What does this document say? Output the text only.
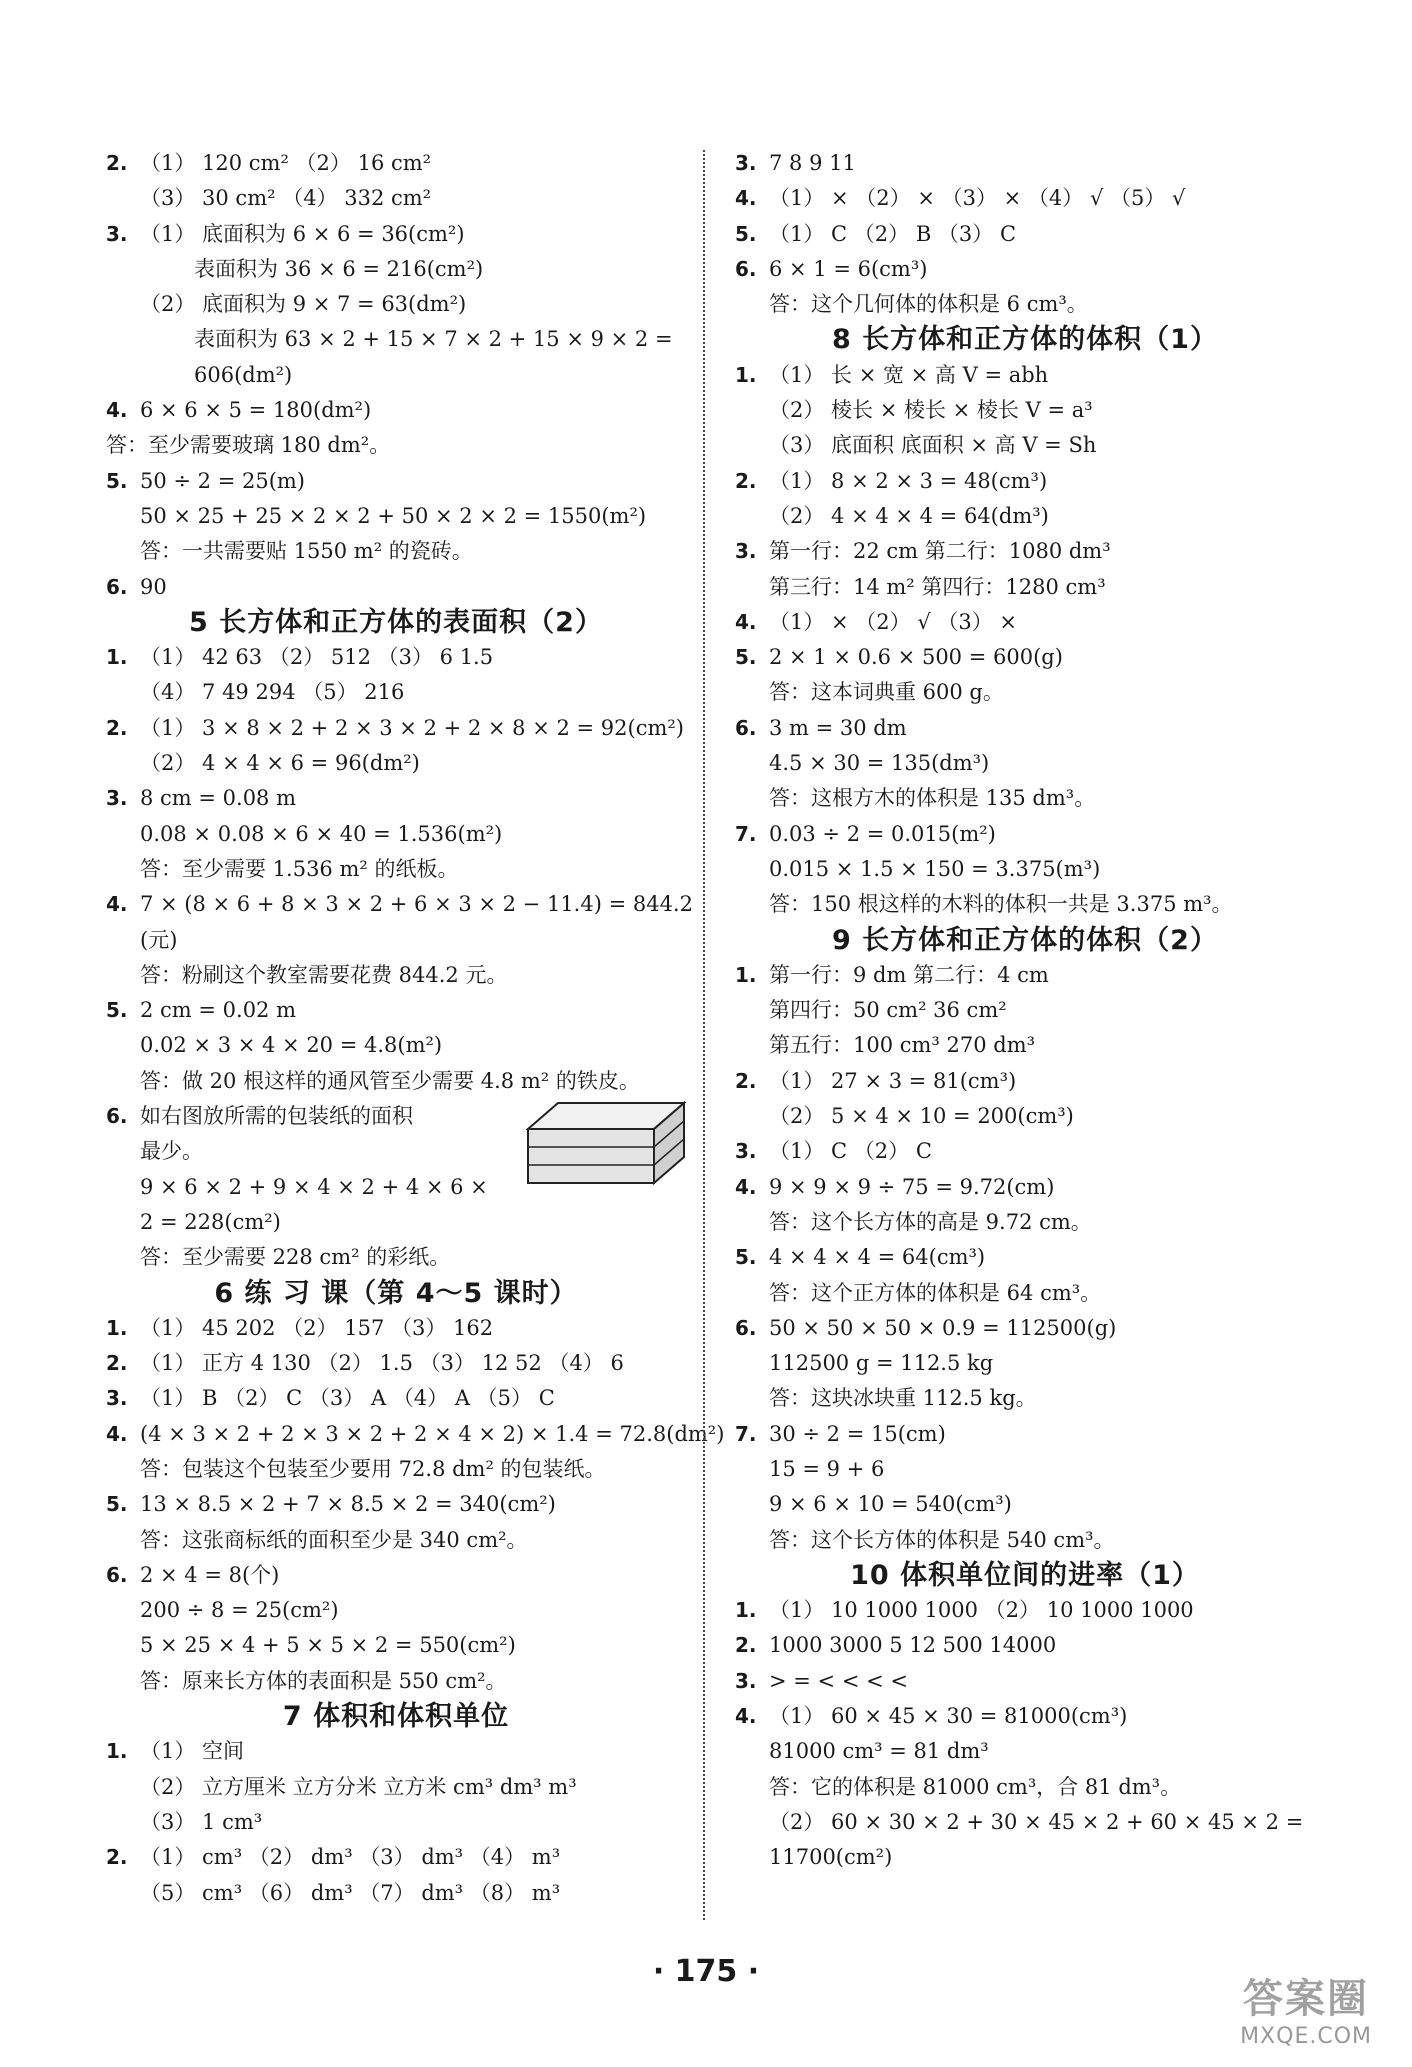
2. （1） 120 cm² （2） 16 cm²
（3） 30 cm² （4） 332 cm²
3. （1） 底面积为 6 × 6 = 36(cm²)
表面积为 36 × 6 = 216(cm²)
（2） 底面积为 9 × 7 = 63(dm²)
表面积为 63 × 2 + 15 × 7 × 2 + 15 × 9 × 2 =
606(dm²)
4. 6 × 6 × 5 = 180(dm²)
答：至少需要玻璃 180 dm²。
5. 50 ÷ 2 = 25(m)
50 × 25 + 25 × 2 × 2 + 50 × 2 × 2 = 1550(m²)
答：一共需要贴 1550 m² 的瓷砖。
6. 90
5 长方体和正方体的表面积（2）
1. （1） 42 63 （2） 512 （3） 6 1.5
（4） 7 49 294 （5） 216
2. （1） 3 × 8 × 2 + 2 × 3 × 2 + 2 × 8 × 2 = 92(cm²)
（2） 4 × 4 × 6 = 96(dm²)
3. 8 cm = 0.08 m
0.08 × 0.08 × 6 × 40 = 1.536(m²)
答：至少需要 1.536 m² 的纸板。
4. 7 × (8 × 6 + 8 × 3 × 2 + 6 × 3 × 2 − 11.4) = 844.2
(元)
答：粉刷这个教室需要花费 844.2 元。
5. 2 cm = 0.02 m
0.02 × 3 × 4 × 20 = 4.8(m²)
答：做 20 根这样的通风管至少需要 4.8 m² 的铁皮。
6. 如右图放所需的包装纸的面积
最少。
9 × 6 × 2 + 9 × 4 × 2 + 4 × 6 ×
2 = 228(cm²)
答：至少需要 228 cm² 的彩纸。
6 练 习 课（第 4～5 课时）
1. （1） 45 202 （2） 157 （3） 162
2. （1） 正方 4 130 （2） 1.5 （3） 12 52 （4） 6
3. （1） B （2） C （3） A （4） A （5） C
4. (4 × 3 × 2 + 2 × 3 × 2 + 2 × 4 × 2) × 1.4 = 72.8(dm²)
答：包装这个包装至少要用 72.8 dm² 的包装纸。
5. 13 × 8.5 × 2 + 7 × 8.5 × 2 = 340(cm²)
答：这张商标纸的面积至少是 340 cm²。
6. 2 × 4 = 8(个)
200 ÷ 8 = 25(cm²)
5 × 25 × 4 + 5 × 5 × 2 = 550(cm²)
答：原来长方体的表面积是 550 cm²。
7 体积和体积单位
1. （1） 空间
（2） 立方厘米 立方分米 立方米 cm³ dm³ m³
（3） 1 cm³
2. （1） cm³ （2） dm³ （3） dm³ （4） m³
（5） cm³ （6） dm³ （7） dm³ （8） m³
3. 7 8 9 11
4. （1） × （2） × （3） × （4） √ （5） √
5. （1） C （2） B （3） C
6. 6 × 1 = 6(cm³)
答：这个几何体的体积是 6 cm³。
8 长方体和正方体的体积（1）
1. （1） 长 × 宽 × 高 V = abh
（2） 棱长 × 棱长 × 棱长 V = a³
（3） 底面积 底面积 × 高 V = Sh
2. （1） 8 × 2 × 3 = 48(cm³)
（2） 4 × 4 × 4 = 64(dm³)
3. 第一行：22 cm 第二行：1080 dm³
第三行：14 m² 第四行：1280 cm³
4. （1） × （2） √ （3） ×
5. 2 × 1 × 0.6 × 500 = 600(g)
答：这本词典重 600 g。
6. 3 m = 30 dm
4.5 × 30 = 135(dm³)
答：这根方木的体积是 135 dm³。
7. 0.03 ÷ 2 = 0.015(m²)
0.015 × 1.5 × 150 = 3.375(m³)
答：150 根这样的木料的体积一共是 3.375 m³。
9 长方体和正方体的体积（2）
1. 第一行：9 dm 第二行：4 cm
第四行：50 cm² 36 cm²
第五行：100 cm³ 270 dm³
2. （1） 27 × 3 = 81(cm³)
（2） 5 × 4 × 10 = 200(cm³)
3. （1） C （2） C
4. 9 × 9 × 9 ÷ 75 = 9.72(cm)
答：这个长方体的高是 9.72 cm。
5. 4 × 4 × 4 = 64(cm³)
答：这个正方体的体积是 64 cm³。
6. 50 × 50 × 50 × 0.9 = 112500(g)
112500 g = 112.5 kg
答：这块冰块重 112.5 kg。
7. 30 ÷ 2 = 15(cm)
15 = 9 + 6
9 × 6 × 10 = 540(cm³)
答：这个长方体的体积是 540 cm³。
10 体积单位间的进率（1）
1. （1） 10 1000 1000 （2） 10 1000 1000
2. 1000 3000 5 12 500 14000
3. > = < < < <
4. （1） 60 × 45 × 30 = 81000(cm³)
81000 cm³ = 81 dm³
答：它的体积是 81000 cm³，合 81 dm³。
（2） 60 × 30 × 2 + 30 × 45 × 2 + 60 × 45 × 2 =
11700(cm²)
· 175 ·
答案圈
MXQE.COM
